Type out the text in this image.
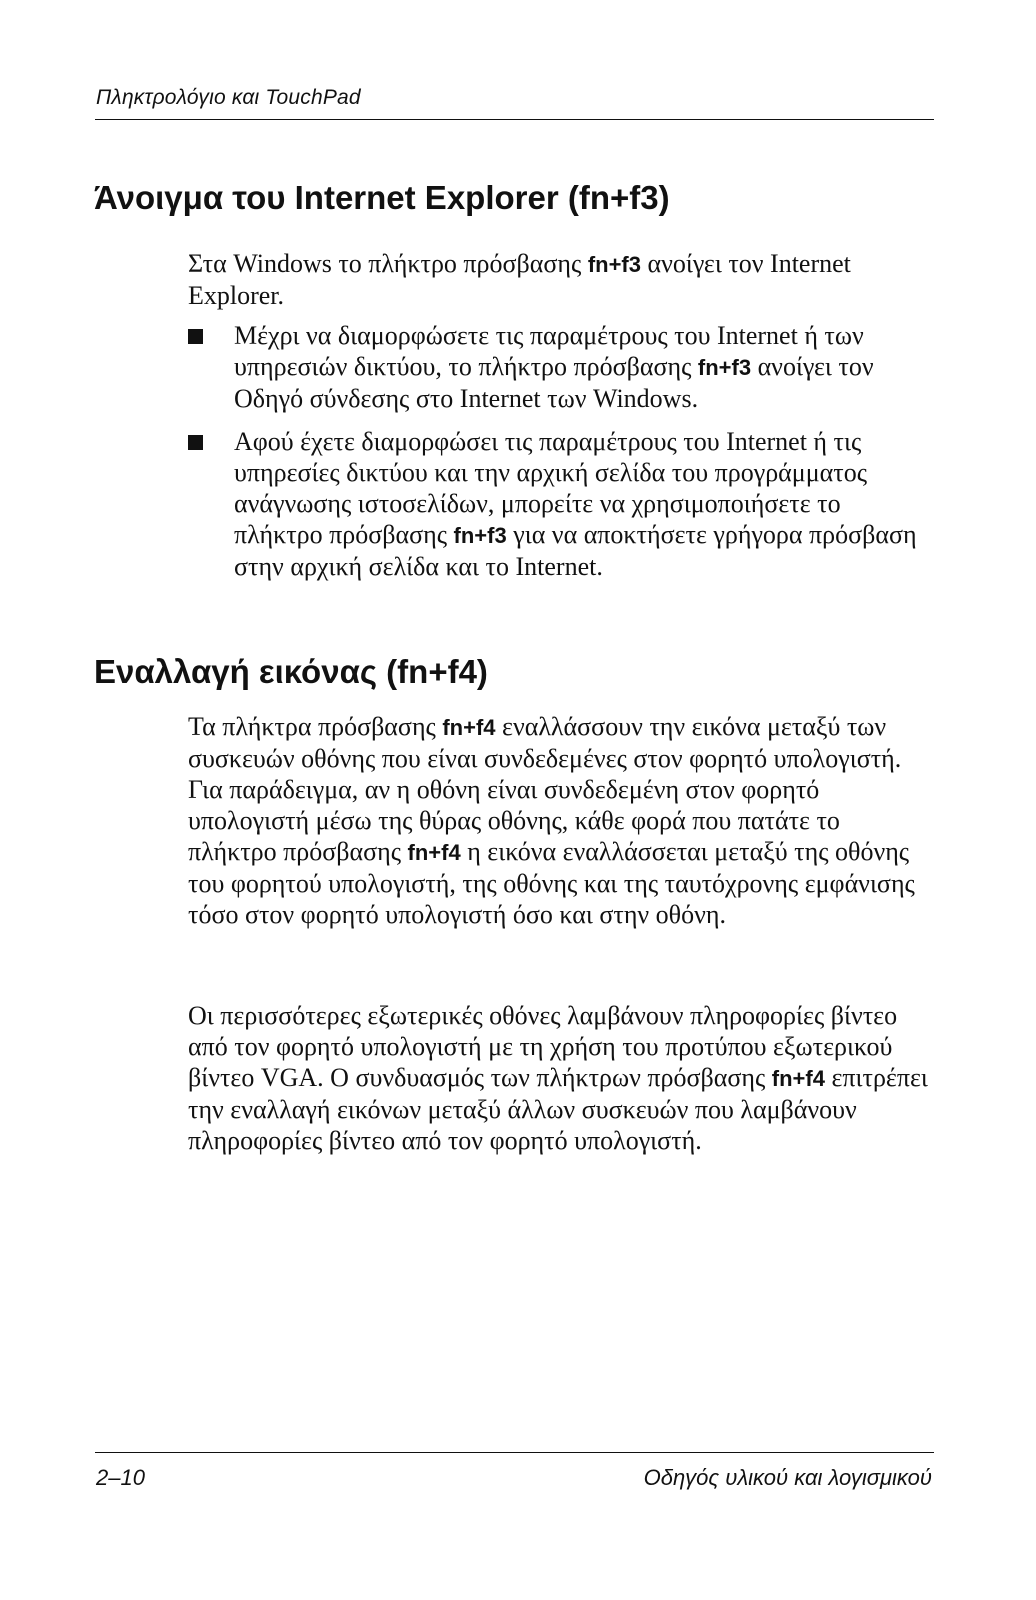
Πληκτρολόγιο και TouchPad
Άνοιγμα του Internet Explorer (fn+f3)

Στα Windows το πλήκτρο πρόσβασης fn+f3 ανοίγει τον Internet Explorer.

Μέχρι να διαμορφώσετε τις παραμέτρους του Internet ή των υπηρεσιών δικτύου, το πλήκτρο πρόσβασης fn+f3 ανοίγει τον Οδηγό σύνδεσης στο Internet των Windows.
Αφού έχετε διαμορφώσει τις παραμέτρους του Internet ή τις υπηρεσίες δικτύου και την αρχική σελίδα του προγράμματος ανάγνωσης ιστοσελίδων, μπορείτε να χρησιμοποιήσετε το πλήκτρο πρόσβασης fn+f3 για να αποκτήσετε γρήγορα πρόσβαση στην αρχική σελίδα και το Internet.
Εναλλαγή εικόνας (fn+f4)

Τα πλήκτρα πρόσβασης fn+f4 εναλλάσσουν την εικόνα μεταξύ των συσκευών οθόνης που είναι συνδεδεμένες στον φορητό υπολογιστή. Για παράδειγμα, αν η οθόνη είναι συνδεδεμένη στον φορητό υπολογιστή μέσω της θύρας οθόνης, κάθε φορά που πατάτε το πλήκτρο πρόσβασης fn+f4 η εικόνα εναλλάσσεται μεταξύ της οθόνης του φορητού υπολογιστή, της οθόνης και της ταυτόχρονης εμφάνισης τόσο στον φορητό υπολογιστή όσο και στην οθόνη.

Οι περισσότερες εξωτερικές οθόνες λαμβάνουν πληροφορίες βίντεο από τον φορητό υπολογιστή με τη χρήση του προτύπου εξωτερικού βίντεο VGA. Ο συνδυασμός των πλήκτρων πρόσβασης fn+f4 επιτρέπει την εναλλαγή εικόνων μεταξύ άλλων συσκευών που λαμβάνουν πληροφορίες βίντεο από τον φορητό υπολογιστή.

2–10	Οδηγός υλικού και λογισμικού
